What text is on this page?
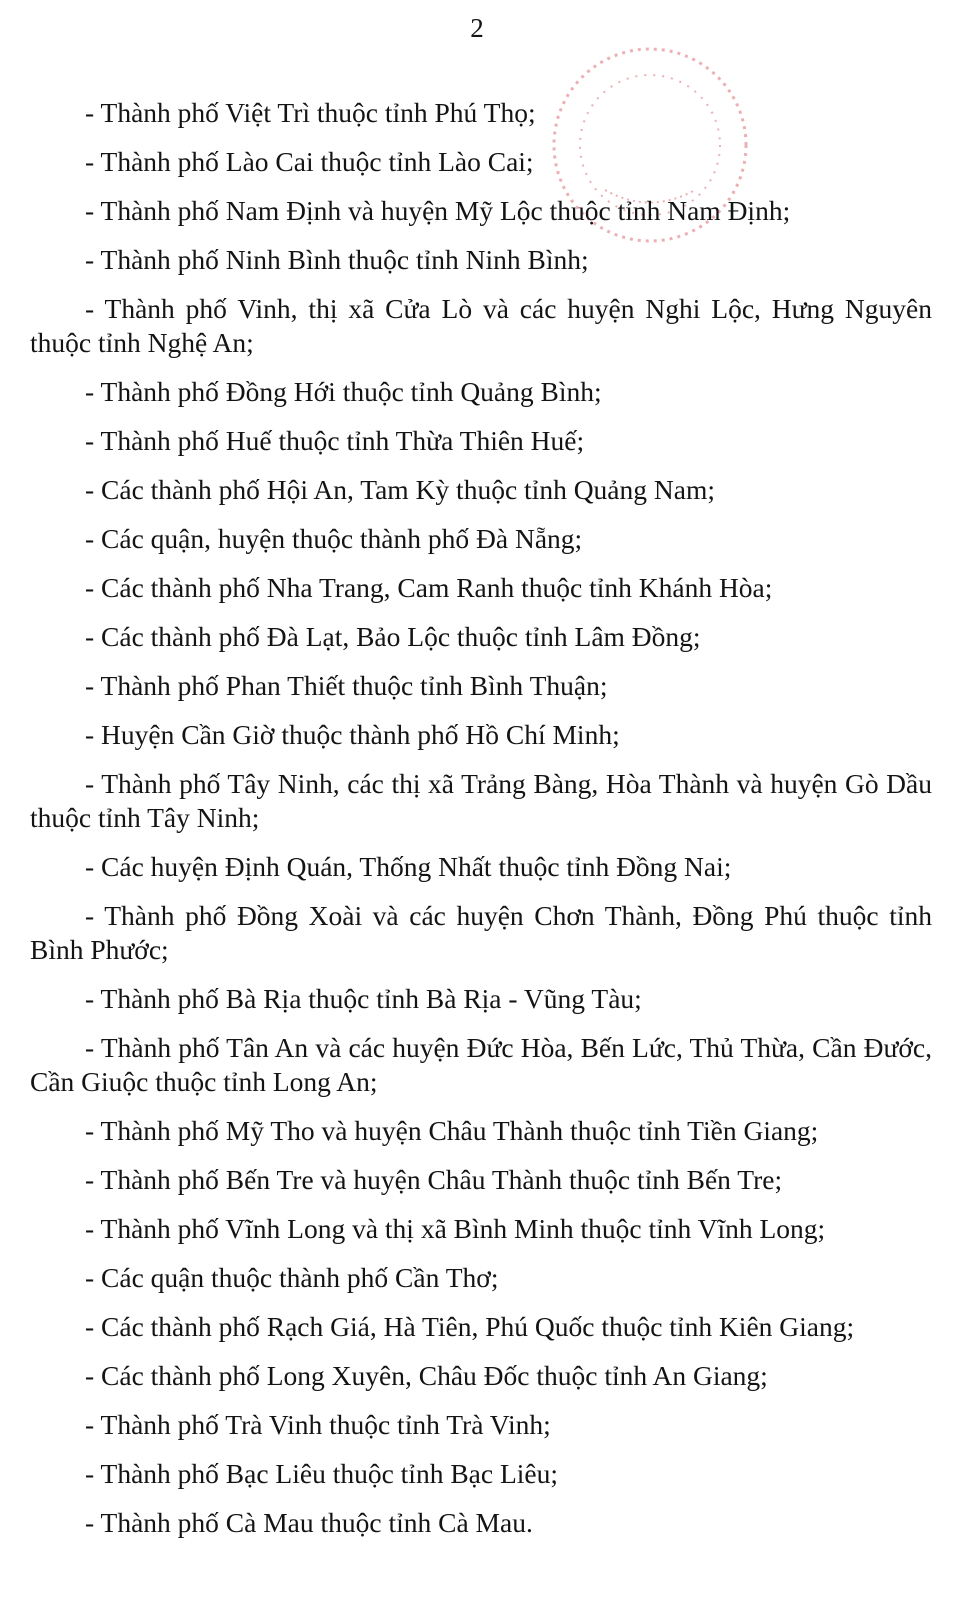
2
- Thành phố Việt Trì thuộc tỉnh Phú Thọ;
- Thành phố Lào Cai thuộc tỉnh Lào Cai;
- Thành phố Nam Định và huyện Mỹ Lộc thuộc tỉnh Nam Định;
- Thành phố Ninh Bình thuộc tỉnh Ninh Bình;
- Thành phố Vinh, thị xã Cửa Lò và các huyện Nghi Lộc, Hưng Nguyên thuộc tỉnh Nghệ An;
- Thành phố Đồng Hới thuộc tỉnh Quảng Bình;
- Thành phố Huế thuộc tỉnh Thừa Thiên Huế;
- Các thành phố Hội An, Tam Kỳ thuộc tỉnh Quảng Nam;
- Các quận, huyện thuộc thành phố Đà Nẵng;
- Các thành phố Nha Trang, Cam Ranh thuộc tỉnh Khánh Hòa;
- Các thành phố Đà Lạt, Bảo Lộc thuộc tỉnh Lâm Đồng;
- Thành phố Phan Thiết thuộc tỉnh Bình Thuận;
- Huyện Cần Giờ thuộc thành phố Hồ Chí Minh;
- Thành phố Tây Ninh, các thị xã Trảng Bàng, Hòa Thành và huyện Gò Dầu thuộc tỉnh Tây Ninh;
- Các huyện Định Quán, Thống Nhất thuộc tỉnh Đồng Nai;
- Thành phố Đồng Xoài và các huyện Chơn Thành, Đồng Phú thuộc tỉnh Bình Phước;
- Thành phố Bà Rịa thuộc tỉnh Bà Rịa - Vũng Tàu;
- Thành phố Tân An và các huyện Đức Hòa, Bến Lức, Thủ Thừa, Cần Đước, Cần Giuộc thuộc tỉnh Long An;
- Thành phố Mỹ Tho và huyện Châu Thành thuộc tỉnh Tiền Giang;
- Thành phố Bến Tre và huyện Châu Thành thuộc tỉnh Bến Tre;
- Thành phố Vĩnh Long và thị xã Bình Minh thuộc tỉnh Vĩnh Long;
- Các quận thuộc thành phố Cần Thơ;
- Các thành phố Rạch Giá, Hà Tiên, Phú Quốc thuộc tỉnh Kiên Giang;
- Các thành phố Long Xuyên, Châu Đốc thuộc tỉnh An Giang;
- Thành phố Trà Vinh thuộc tỉnh Trà Vinh;
- Thành phố Bạc Liêu thuộc tỉnh Bạc Liêu;
- Thành phố Cà Mau thuộc tỉnh Cà Mau.
